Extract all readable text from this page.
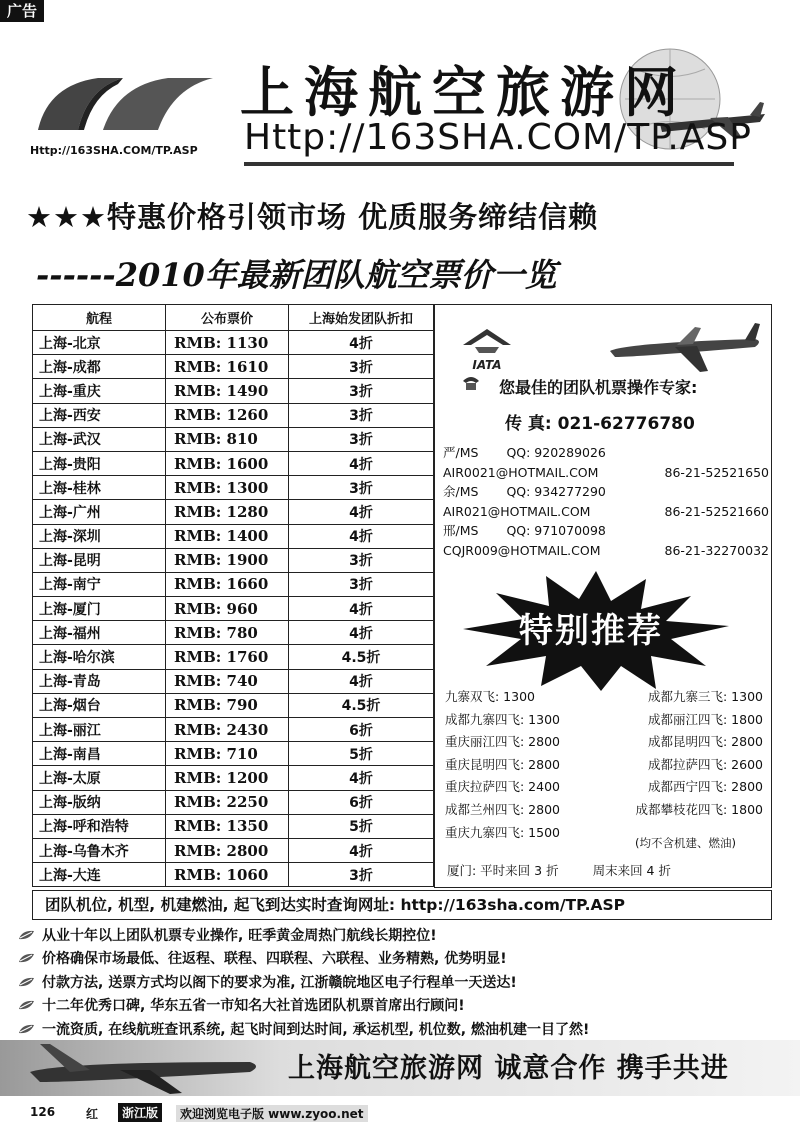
广告
Http://163SHA.COM/TP.ASP
上海航空旅游网
Http://163SHA.COM/TP.ASP
★★★特惠价格引领市场 优质服务缔结信赖
------2010年最新团队航空票价一览
航程	公布票价	上海始发团队折扣
上海-北京	RMB: 1130	4折
上海-成都	RMB: 1610	3折
上海-重庆	RMB: 1490	3折
上海-西安	RMB: 1260	3折
上海-武汉	RMB: 810	3折
上海-贵阳	RMB: 1600	4折
上海-桂林	RMB: 1300	3折
上海-广州	RMB: 1280	4折
上海-深圳	RMB: 1400	4折
上海-昆明	RMB: 1900	3折
上海-南宁	RMB: 1660	3折
上海-厦门	RMB: 960	4折
上海-福州	RMB: 780	4折
上海-哈尔滨	RMB: 1760	4.5折
上海-青岛	RMB: 740	4折
上海-烟台	RMB: 790	4.5折
上海-丽江	RMB: 2430	6折
上海-南昌	RMB: 710	5折
上海-太原	RMB: 1200	4折
上海-版纳	RMB: 2250	6折
上海-呼和浩特	RMB: 1350	5折
上海-乌鲁木齐	RMB: 2800	4折
上海-大连	RMB: 1060	3折
IATA
您最佳的团队机票操作专家:
传 真: 021-62776780
严/MS QQ: 920289026
AIR0021@HOTMAIL.COM	86-21-52521650
余/MS QQ: 934277290
AIR021@HOTMAIL.COM	86-21-52521660
邢/MS QQ: 971070098
CQJR009@HOTMAIL.COM	86-21-32270032
特别推荐
九寨双飞: 1300	成都九寨三飞: 1300
成都九寨四飞: 1300	成都丽江四飞: 1800
重庆丽江四飞: 2800	成都昆明四飞: 2800
重庆昆明四飞: 2800	成都拉萨四飞: 2600
重庆拉萨四飞: 2400	成都西宁四飞: 2800
成都兰州四飞: 2800	成都攀枝花四飞: 1800
重庆九寨四飞: 1500
(均不含机建、燃油)
厦门: 平时来回 3 折	周末来回 4 折
团队机位, 机型, 机建燃油, 起飞到达实时查询网址: http://163sha.com/TP.ASP
从业十年以上团队机票专业操作, 旺季黄金周热门航线长期控位!
价格确保市场最低、往返程、联程、四联程、六联程、业务精熟, 优势明显!
付款方法, 送票方式均以阁下的要求为准, 江浙赣皖地区电子行程单一天送达!
十二年优秀口碑, 华东五省一市知名大社首选团队机票首席出行顾问!
一流资质, 在线航班查讯系统, 起飞时间到达时间, 承运机型, 机位数, 燃油机建一目了然!
上海航空旅游网 诚意合作 携手共进
126	红	浙江版	欢迎浏览电子版 www.zyoo.net
